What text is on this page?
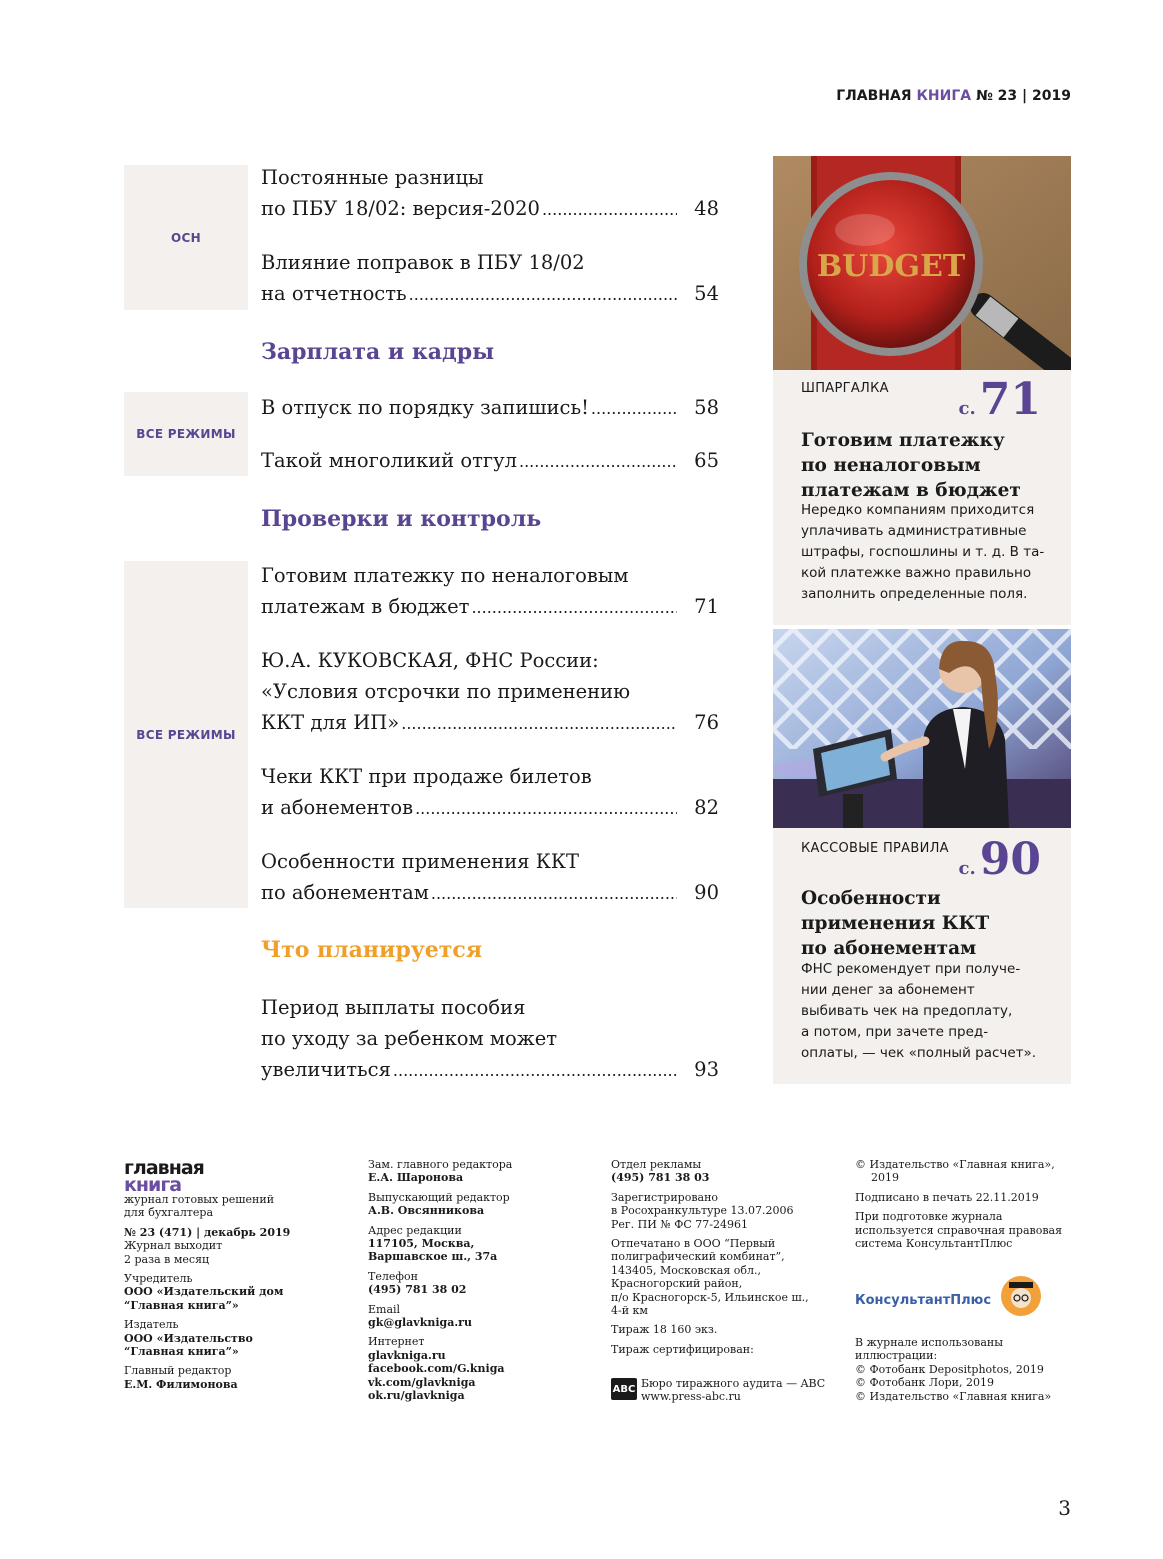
ГЛАВНАЯ КНИГА № 23 | 2019
ОСН
ВСЕ РЕЖИМЫ
ВСЕ РЕЖИМЫ
Зарплата и кадры
Проверки и контроль
Что планируется
Постоянные разницы
по ПБУ 18/02: версия-2020 .....	48
Влияние поправок в ПБУ 18/02
на отчетность .....	54
В отпуск по порядку запишись! .....	58
Такой многоликий отгул .....	65
Готовим платежку по неналоговым
платежам в бюджет .....	71
Ю.А. КУКОВСКАЯ, ФНС России:
«Условия отсрочки по применению
ККТ для ИП» .....	76
Чеки ККТ при продаже билетов
и абонементов .....	82
Особенности применения ККТ
по абонементам .....	90
Период выплаты пособия
по уходу за ребенком может
увеличиться .....	93
BUDGET
ШПАРГАЛКА
с.71
Готовим платежку
по неналоговым
платежам в бюджет
Нередко компаниям приходится
уплачивать административные
штрафы, госпошлины и т. д. В та-
кой платежке важно правильно
заполнить определенные поля.
КАССОВЫЕ ПРАВИЛА
с.90
Особенности
применения ККТ
по абонементам
ФНС рекомендует при получе-
нии денег за абонемент
выбивать чек на предоплату,
а потом, при зачете пред-
оплаты, — чек «полный расчет».
главная
книга
журнал готовых решений
для бухгалтера
№ 23 (471) | декабрь 2019
Журнал выходит
2 раза в месяц
Учредитель
ООО «Издательский дом
“Главная книга”»
Издатель
ООО «Издательство
“Главная книга”»
Главный редактор
Е.М. Филимонова
Зам. главного редактора
Е.А. Шаронова
Выпускающий редактор
А.В. Овсянникова
Адрес редакции
117105, Москва,
Варшавское ш., 37а
Телефон
(495) 781 38 02
Email
gk@glavkniga.ru
Интернет
glavkniga.ru
facebook.com/G.kniga
vk.com/glavkniga
ok.ru/glavkniga
Отдел рекламы
(495) 781 38 03
Зарегистрировано
в Росохранкультуре 13.07.2006
Рег. ПИ № ФС 77-24961
Отпечатано в ООО “Первый
полиграфический комбинат”,
143405, Московская обл.,
Красногорский район,
п/о Красногорск-5, Ильинское ш.,
4-й км
Тираж 18 160 экз.
Тираж сертифицирован:
ABC Бюро тиражного аудита — ABC
www.press-abc.ru
© Издательство «Главная книга»,
2019
Подписано в печать 22.11.2019
При подготовке журнала
используется справочная правовая
система КонсультантПлюс
КонсультантПлюс
В журнале использованы
иллюстрации:
© Фотобанк Depositphotos, 2019
© Фотобанк Лори, 2019
© Издательство «Главная книга»
3
